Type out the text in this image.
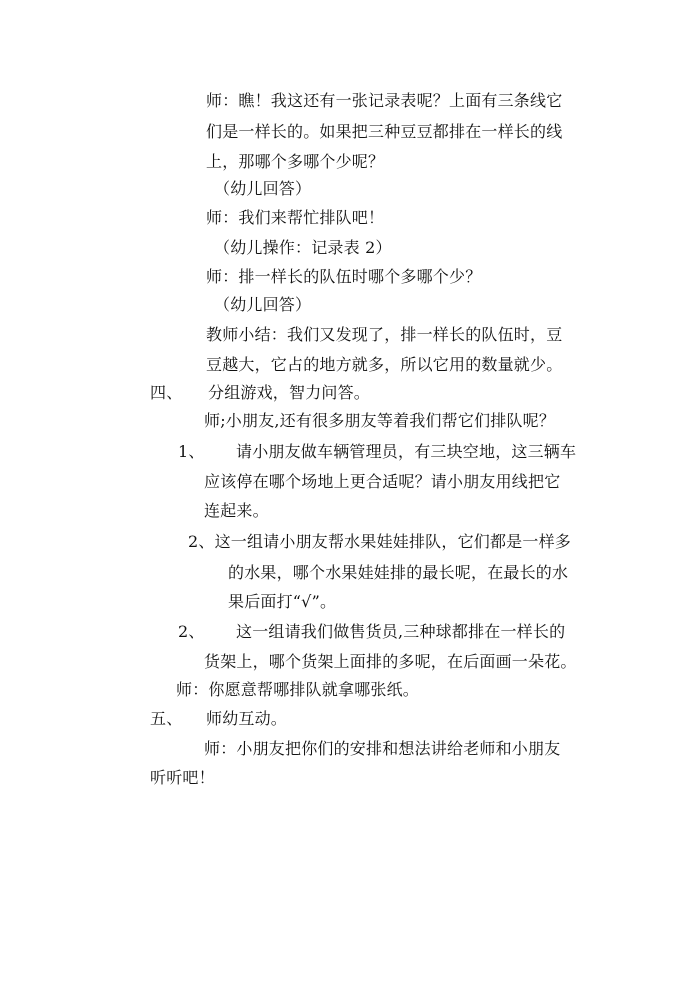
师：瞧！我这还有一张记录表呢？上面有三条线它
们是一样长的。如果把三种豆豆都排在一样长的线
上，那哪个多哪个少呢？
（幼儿回答）
师：我们来帮忙排队吧！
（幼儿操作：记录表 2）
师：排一样长的队伍时哪个多哪个少？
（幼儿回答）
教师小结：我们又发现了，排一样长的队伍时，豆
豆越大，它占的地方就多，所以它用的数量就少。
四、 分组游戏，智力问答。
师;小朋友,还有很多朋友等着我们帮它们排队呢？
1、 请小朋友做车辆管理员，有三块空地，这三辆车
应该停在哪个场地上更合适呢？请小朋友用线把它
连起来。
2、这一组请小朋友帮水果娃娃排队，它们都是一样多
的水果，哪个水果娃娃排的最长呢，在最长的水
果后面打“√”。
2、 这一组请我们做售货员,三种球都排在一样长的
货架上，哪个货架上面排的多呢，在后面画一朵花。
师：你愿意帮哪排队就拿哪张纸。
五、 师幼互动。
师：小朋友把你们的安排和想法讲给老师和小朋友
听听吧！
